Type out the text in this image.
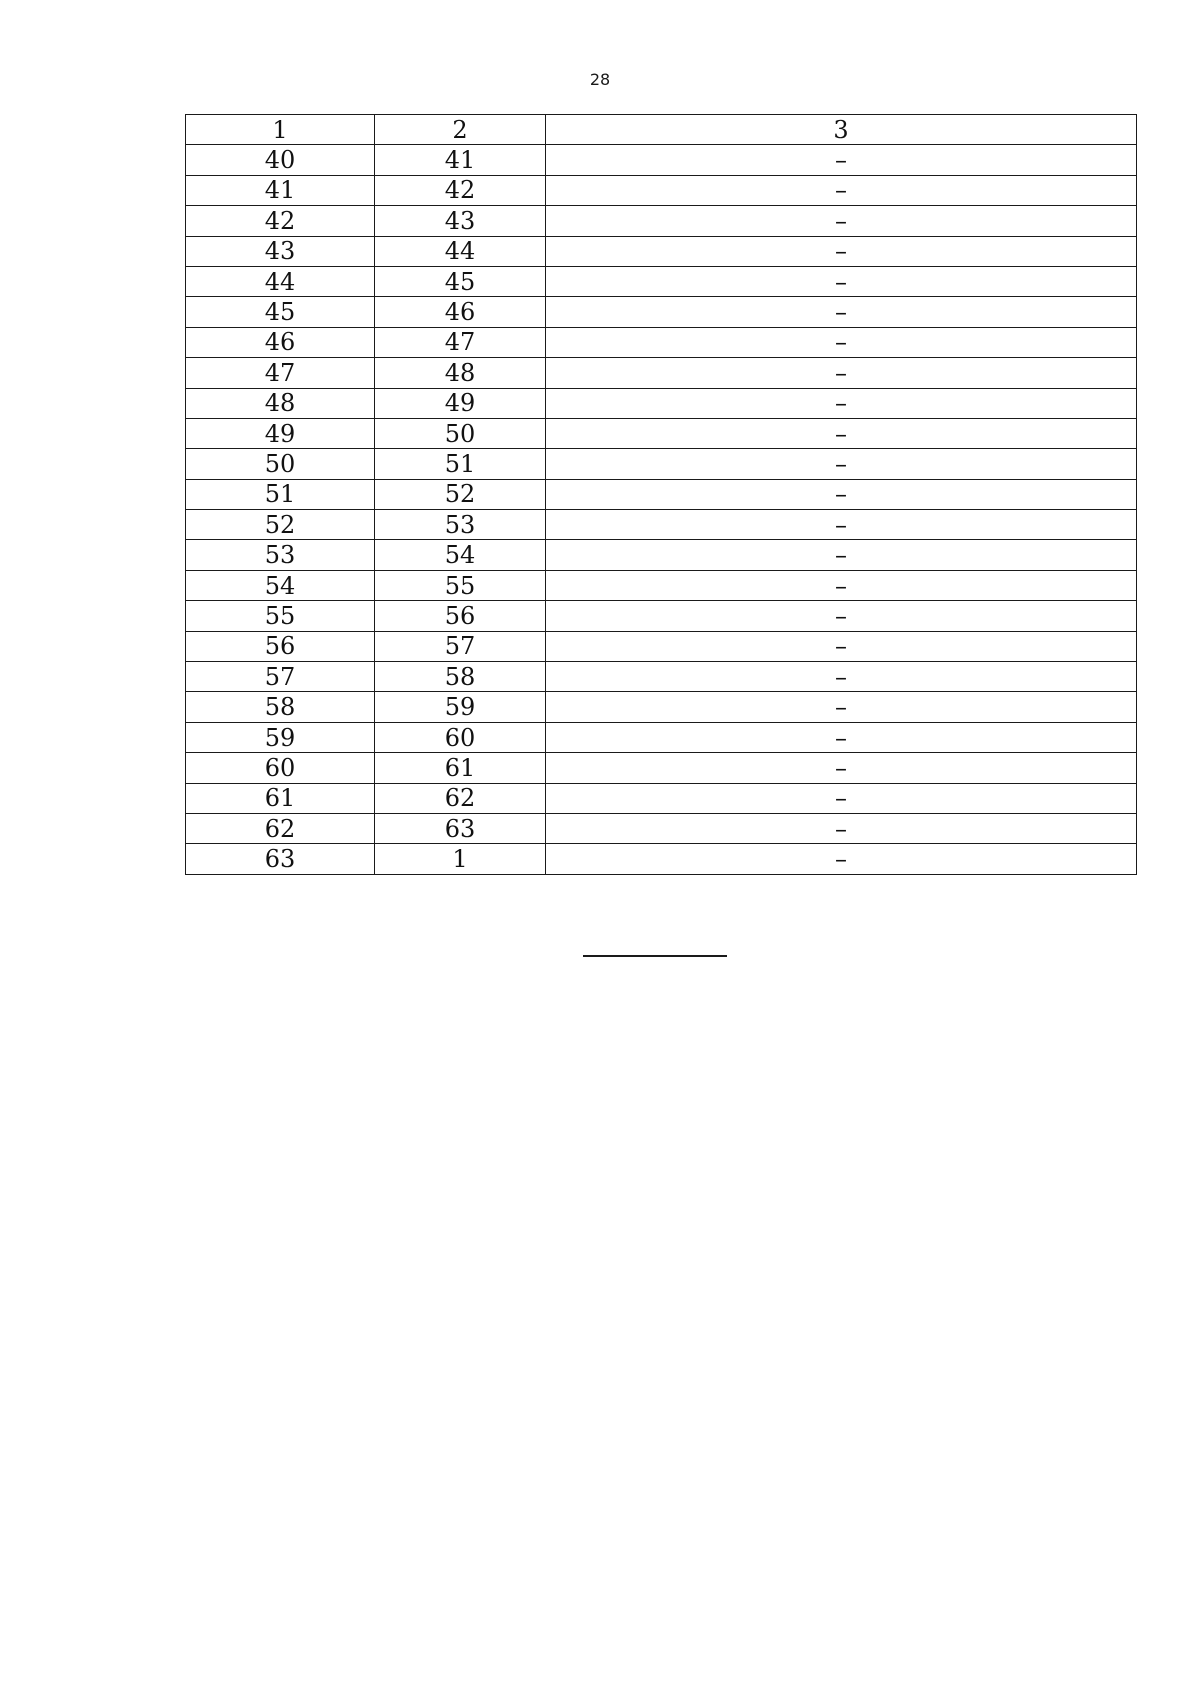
28
1	2	3
40	41	–
41	42	–
42	43	–
43	44	–
44	45	–
45	46	–
46	47	–
47	48	–
48	49	–
49	50	–
50	51	–
51	52	–
52	53	–
53	54	–
54	55	–
55	56	–
56	57	–
57	58	–
58	59	–
59	60	–
60	61	–
61	62	–
62	63	–
63	1	–
